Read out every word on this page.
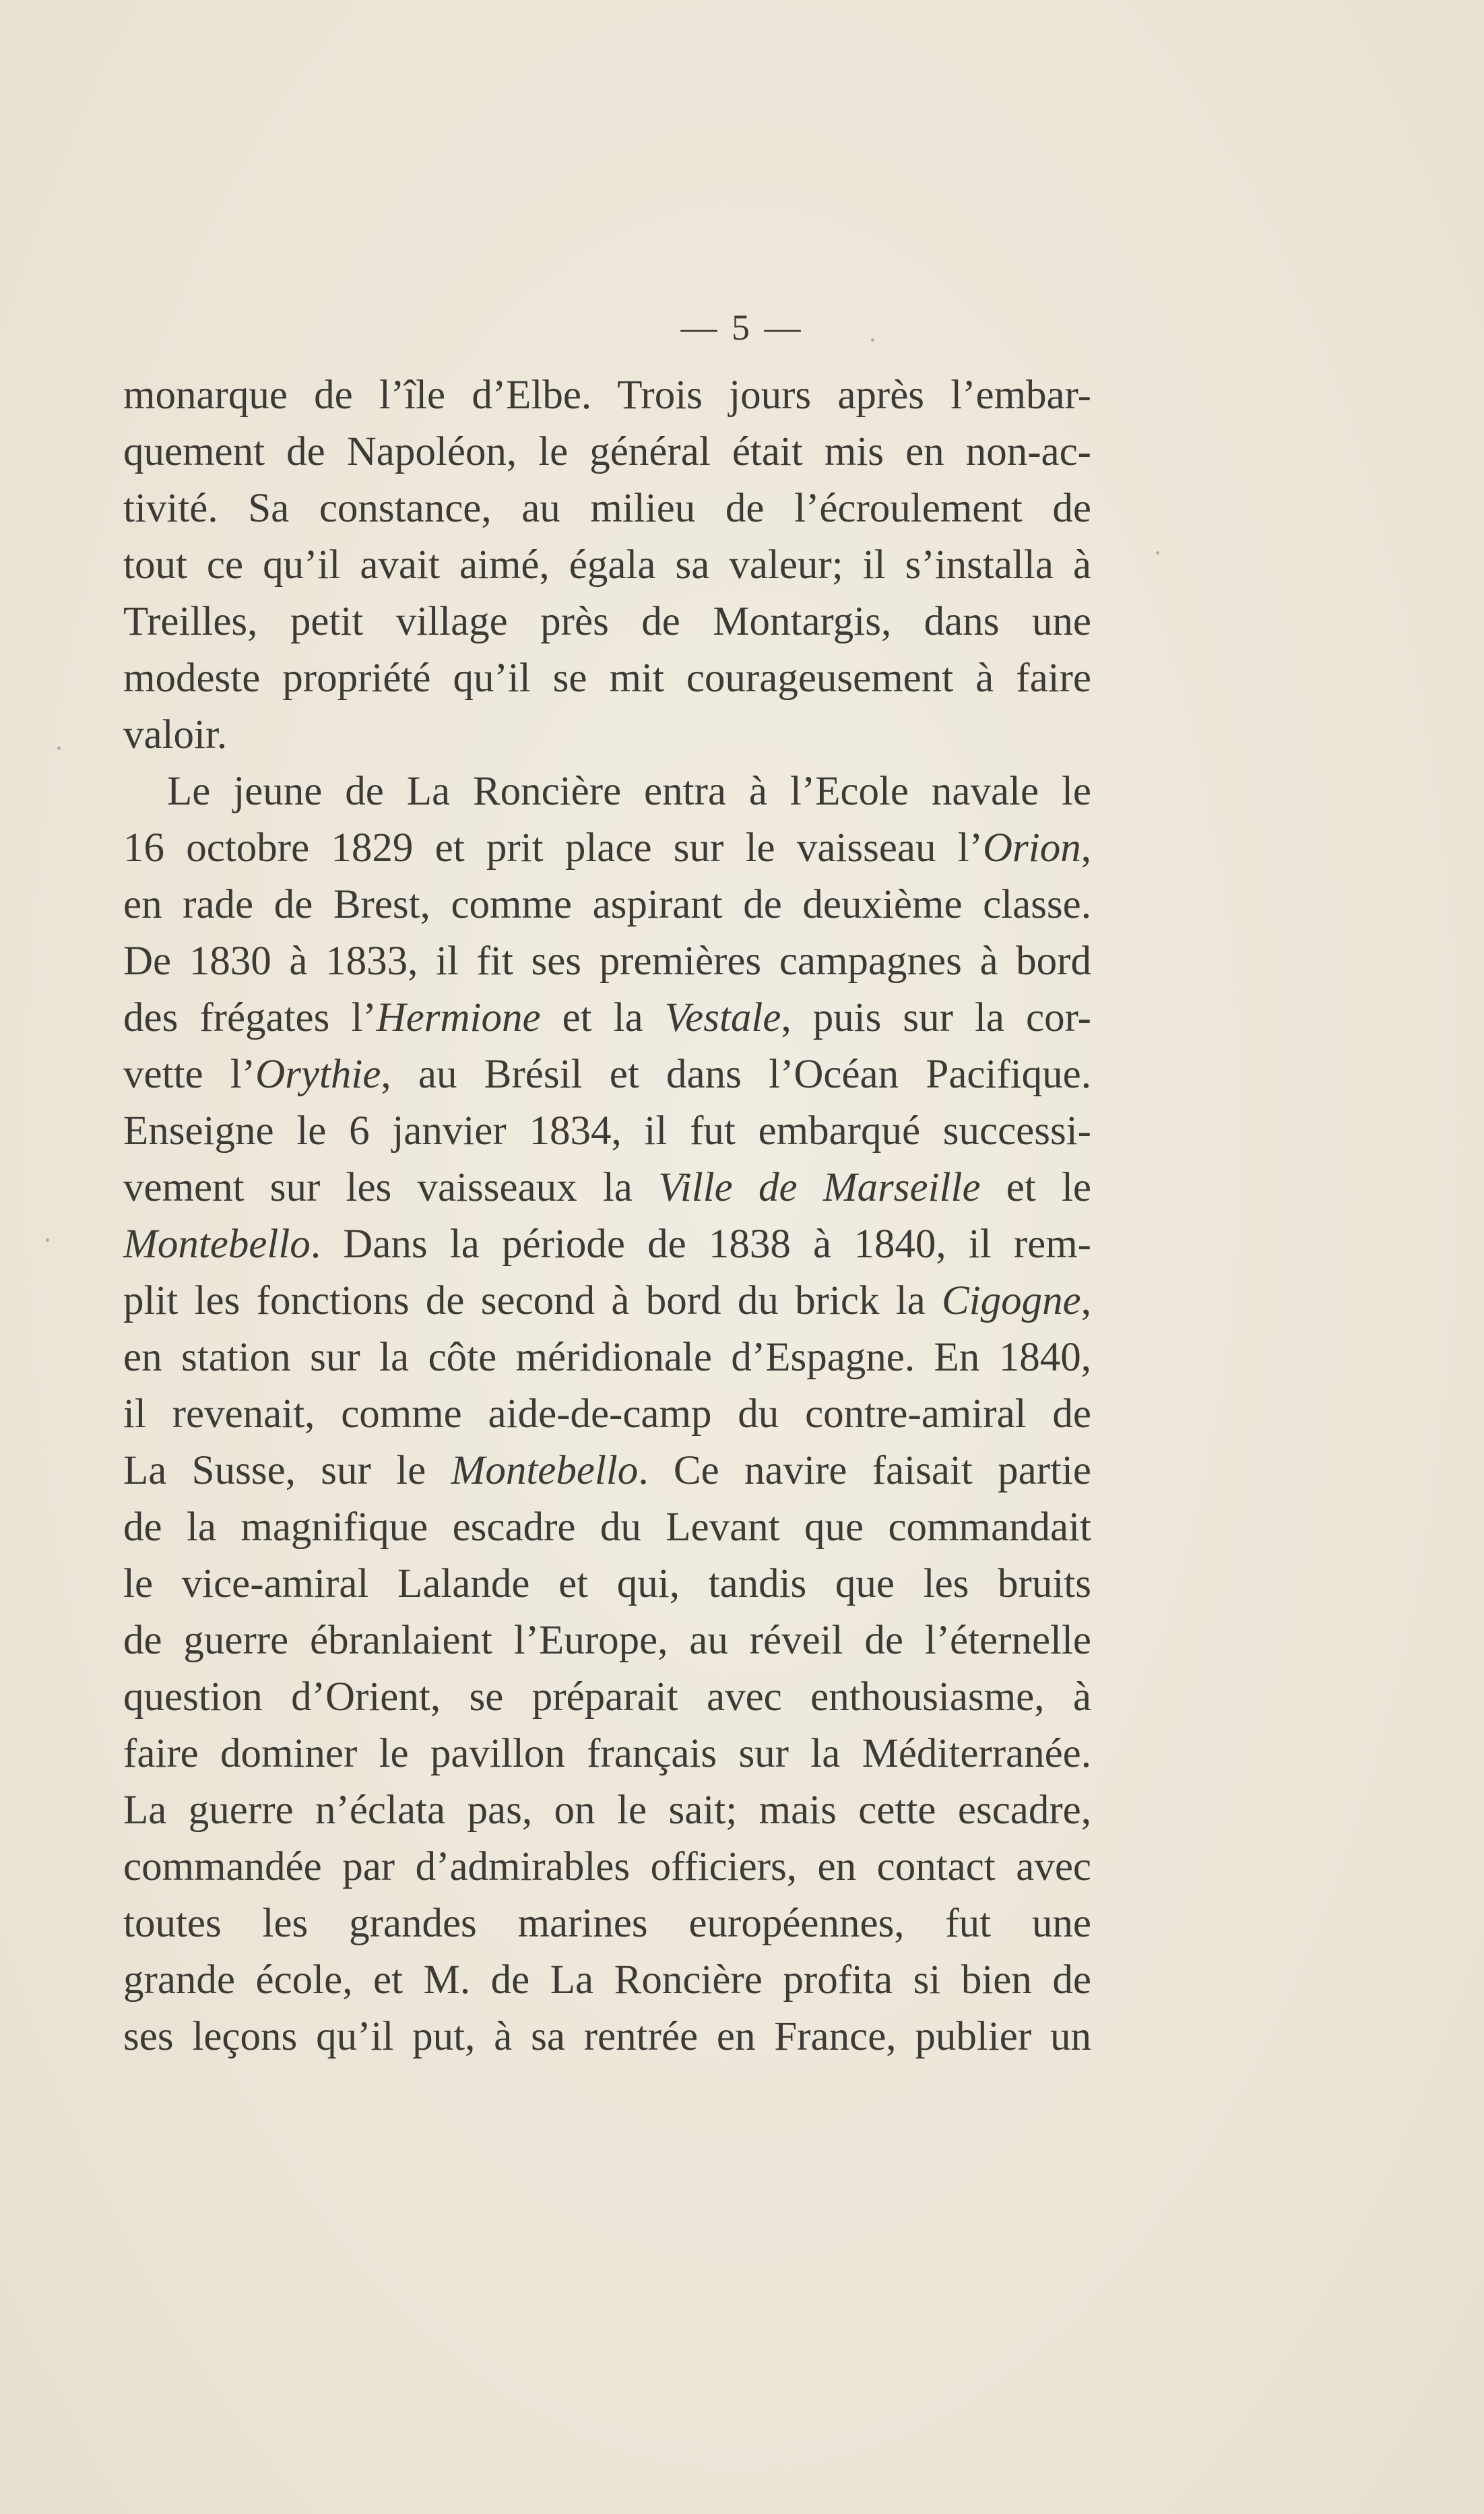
— 5 —
monarque de l’île d’Elbe. Trois jours après l’embar-
quement de Napoléon, le général était mis en non-ac-
tivité. Sa constance, au milieu de l’écroulement de
tout ce qu’il avait aimé, égala sa valeur; il s’installa à
Treilles, petit village près de Montargis, dans une
modeste propriété qu’il se mit courageusement à faire
valoir.
Le jeune de La Roncière entra à l’Ecole navale le
16 octobre 1829 et prit place sur le vaisseau l’Orion,
en rade de Brest, comme aspirant de deuxième classe.
De 1830 à 1833, il fit ses premières campagnes à bord
des frégates l’Hermione et la Vestale, puis sur la cor-
vette l’Orythie, au Brésil et dans l’Océan Pacifique.
Enseigne le 6 janvier 1834, il fut embarqué successi-
vement sur les vaisseaux la Ville de Marseille et le
Montebello. Dans la période de 1838 à 1840, il rem-
plit les fonctions de second à bord du brick la Cigogne,
en station sur la côte méridionale d’Espagne. En 1840,
il revenait, comme aide-de-camp du contre-amiral de
La Susse, sur le Montebello. Ce navire faisait partie
de la magnifique escadre du Levant que commandait
le vice-amiral Lalande et qui, tandis que les bruits
de guerre ébranlaient l’Europe, au réveil de l’éternelle
question d’Orient, se préparait avec enthousiasme, à
faire dominer le pavillon français sur la Méditerranée.
La guerre n’éclata pas, on le sait; mais cette escadre,
commandée par d’admirables officiers, en contact avec
toutes les grandes marines européennes, fut une
grande école, et M. de La Roncière profita si bien de
ses leçons qu’il put, à sa rentrée en France, publier un
